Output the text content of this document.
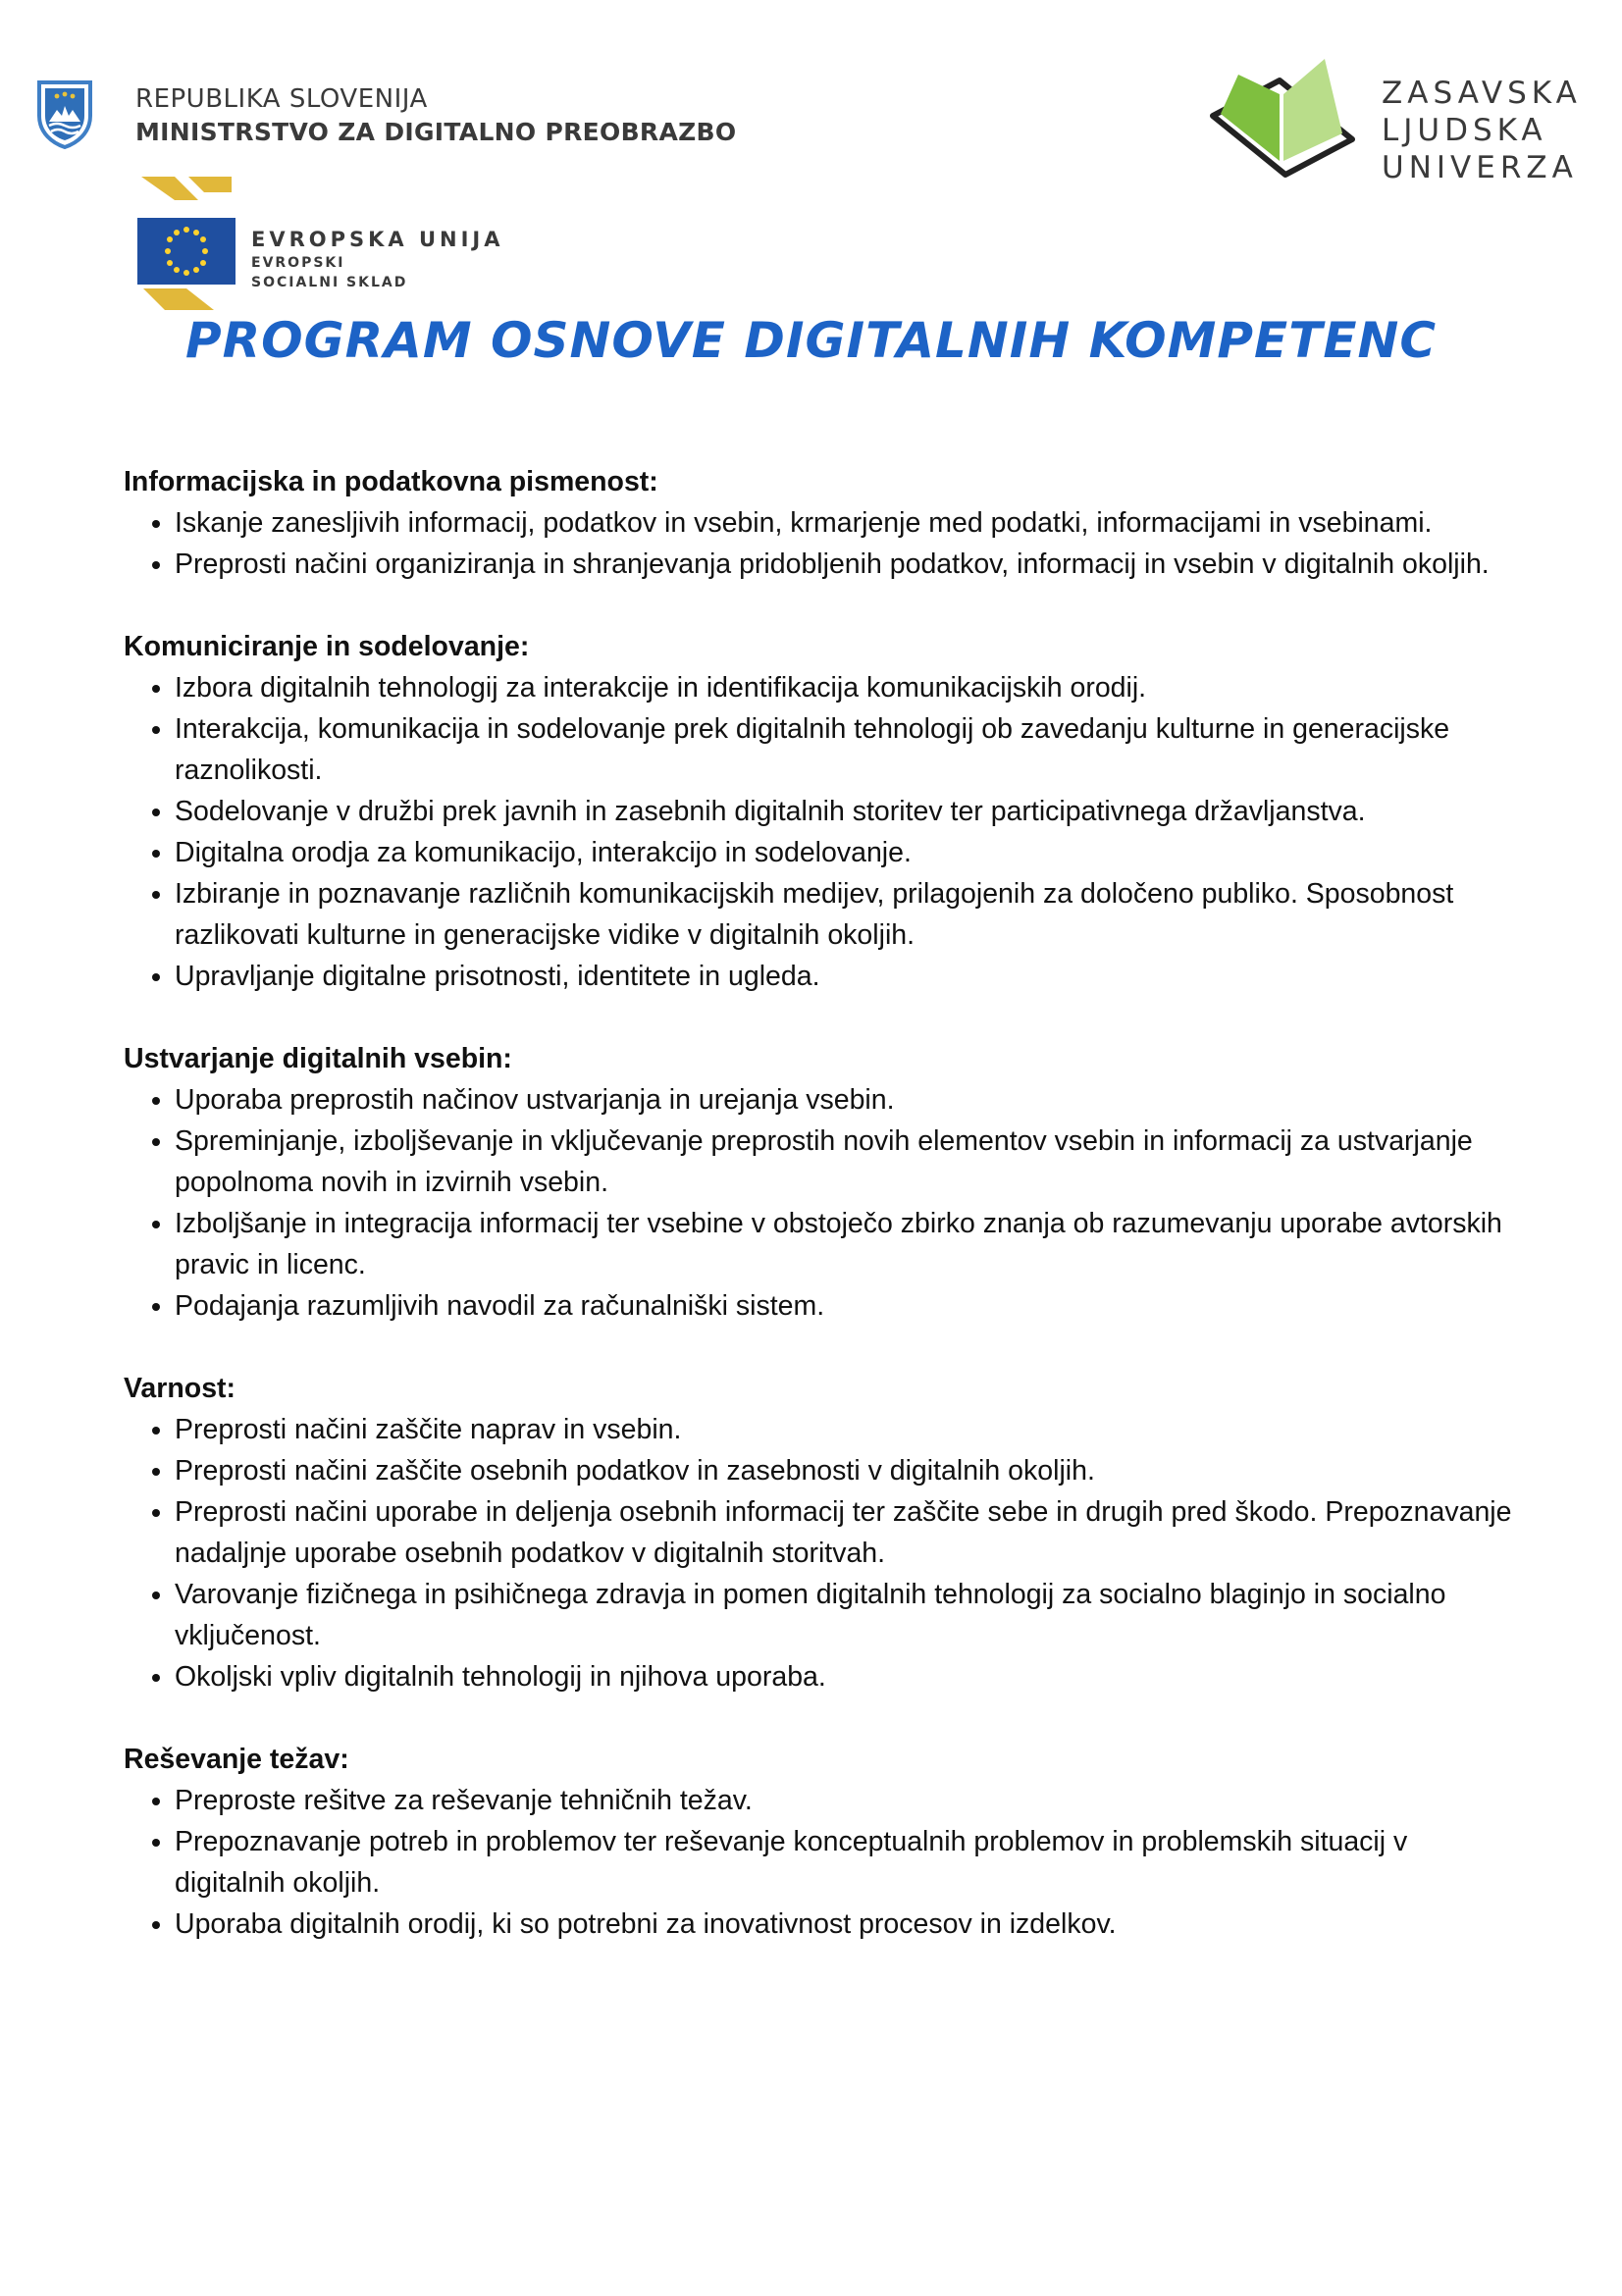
REPUBLIKA SLOVENIJA
MINISTRSTVO ZA DIGITALNO PREOBRAZBO
ZASAVSKA
LJUDSKA
UNIVERZA
EVROPSKA UNIJA
EVROPSKI
SOCIALNI SKLAD
PROGRAM OSNOVE DIGITALNIH KOMPETENC

Informacijska in podatkovna pismenost:

• Iskanje zanesljivih informacij, podatkov in vsebin, krmarjenje med podatki, informacijami in vsebinami.
• Preprosti načini organiziranja in shranjevanja pridobljenih podatkov, informacij in vsebin v digitalnih okoljih.

Komuniciranje in sodelovanje:

• Izbora digitalnih tehnologij za interakcije in identifikacija komunikacijskih orodij.
• Interakcija, komunikacija in sodelovanje prek digitalnih tehnologij ob zavedanju kulturne in generacijske raznolikosti.
• Sodelovanje v družbi prek javnih in zasebnih digitalnih storitev ter participativnega državljanstva.
• Digitalna orodja za komunikacijo, interakcijo in sodelovanje.
• Izbiranje in poznavanje različnih komunikacijskih medijev, prilagojenih za določeno publiko. Sposobnost razlikovati kulturne in generacijske vidike v digitalnih okoljih.
• Upravljanje digitalne prisotnosti, identitete in ugleda.

Ustvarjanje digitalnih vsebin:

• Uporaba preprostih načinov ustvarjanja in urejanja vsebin.
• Spreminjanje, izboljševanje in vključevanje preprostih novih elementov vsebin in informacij za ustvarjanje popolnoma novih in izvirnih vsebin.
• Izboljšanje in integracija informacij ter vsebine v obstoječo zbirko znanja ob razumevanju uporabe avtorskih pravic in licenc.
• Podajanja razumljivih navodil za računalniški sistem.

Varnost:

• Preprosti načini zaščite naprav in vsebin.
• Preprosti načini zaščite osebnih podatkov in zasebnosti v digitalnih okoljih.
• Preprosti načini uporabe in deljenja osebnih informacij ter zaščite sebe in drugih pred škodo. Prepoznavanje nadaljnje uporabe osebnih podatkov v digitalnih storitvah.
• Varovanje fizičnega in psihičnega zdravja in pomen digitalnih tehnologij za socialno blaginjo in socialno vključenost.
• Okoljski vpliv digitalnih tehnologij in njihova uporaba.

Reševanje težav:

• Preproste rešitve za reševanje tehničnih težav.
• Prepoznavanje potreb in problemov ter reševanje konceptualnih problemov in problemskih situacij v digitalnih okoljih.
• Uporaba digitalnih orodij, ki so potrebni za inovativnost procesov in izdelkov.
